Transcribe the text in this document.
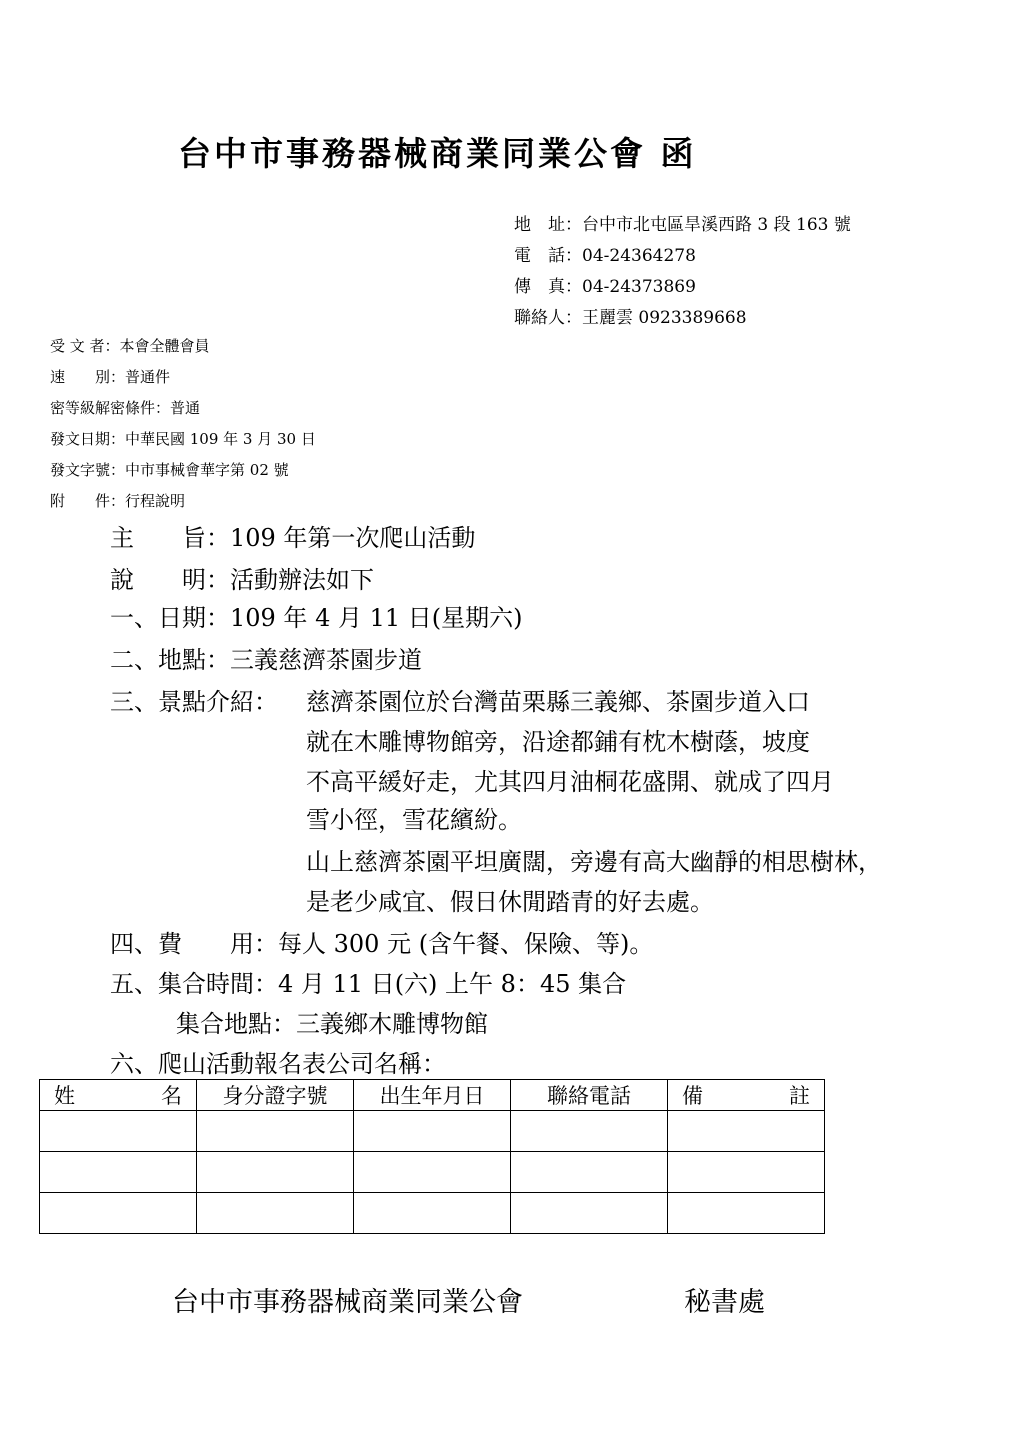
台中市事務器械商業同業公會 函
地　址：台中市北屯區旱溪西路 3 段 163 號
電　話：04-24364278
傳　真：04-24373869
聯絡人：王麗雲 0923389668
受 文 者：本會全體會員
速　　別：普通件
密等級解密條件：普通
發文日期：中華民國 109 年 3 月 30 日
發文字號：中市事械會華字第 02 號
附　　件：行程說明
主　　旨：109 年第一次爬山活動
說　　明：活動辦法如下
一、日期：109 年 4 月 11 日(星期六)
二、地點：三義慈濟茶園步道
三、景點介紹： 慈濟茶園位於台灣苗栗縣三義鄉、茶園步道入口
就在木雕博物館旁，沿途都鋪有枕木樹蔭，坡度
不高平緩好走，尤其四月油桐花盛開、就成了四月
雪小徑，雪花繽紛。
山上慈濟茶園平坦廣闊，旁邊有高大幽靜的相思樹林，
是老少咸宜、假日休閒踏青的好去處。
四、費　　用：每人 300 元 (含午餐、保險、等)。
五、集合時間：4 月 11 日(六) 上午 8：45 集合
集合地點：三義鄉木雕博物館
六、爬山活動報名表公司名稱：
姓 名	身分證字號	出生年月日	聯絡電話	備 註

台中市事務器械商業同業公會	秘書處
